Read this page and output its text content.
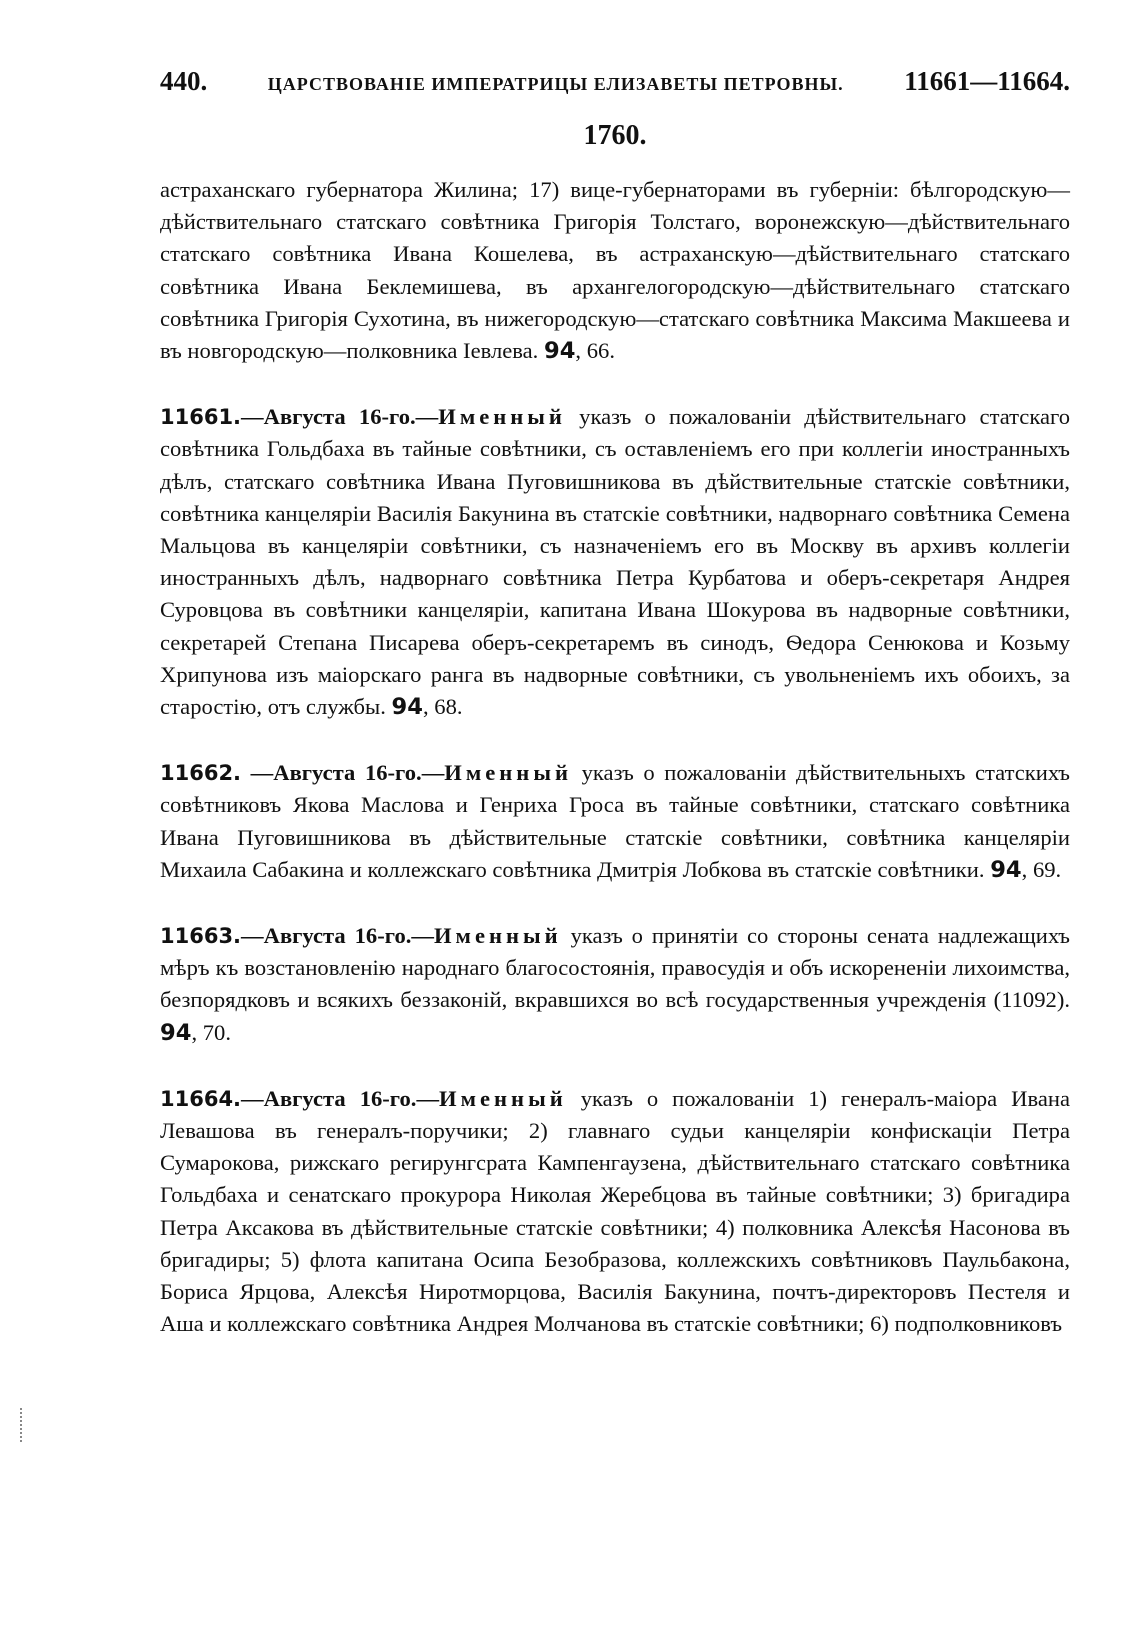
440.	ЦАРСТВОВАНІЕ ИМПЕРАТРИЦЫ ЕЛИЗАВЕТЫ ПЕТРОВНЫ. 11661—11664.
1760.

астраханскаго губернатора Жилина; 17) вице-губернаторами въ губерніи: бѣлгородскую—дѣйствительнаго статскаго совѣтника Григорія Толстаго, воронежскую—дѣйствительнаго статскаго совѣтника Ивана Кошелева, въ астраханскую—дѣйствительнаго статскаго совѣтника Ивана Беклемишева, въ архангелогородскую—дѣйствительнаго статскаго совѣтника Григорія Сухотина, въ нижегородскую—статскаго совѣтника Максима Макшеева и въ новгородскую—полковника Іевлева. 94, 66.

11661.—Августа 16-го.—Именный указъ о пожалованіи дѣйствительнаго статскаго совѣтника Гольдбаха въ тайные совѣтники, съ оставленіемъ его при коллегіи иностранныхъ дѣлъ, статскаго совѣтника Ивана Пуговишникова въ дѣйствительные статскіе совѣтники, совѣтника канцеляріи Василія Бакунина въ статскіе совѣтники, надворнаго совѣтника Семена Мальцова въ канцеляріи совѣтники, съ назначеніемъ его въ Москву въ архивъ коллегіи иностранныхъ дѣлъ, надворнаго совѣтника Петра Курбатова и оберъ-секретаря Андрея Суровцова въ совѣтники канцеляріи, капитана Ивана Шокурова въ надворные совѣтники, секретарей Степана Писарева оберъ-секретаремъ въ синодъ, Ѳедора Сенюкова и Козьму Хрипунова изъ маіорскаго ранга въ надворные совѣтники, съ увольненіемъ ихъ обоихъ, за старостію, отъ службы. 94, 68.

11662. —Августа 16-го.—Именный указъ о пожалованіи дѣйствительныхъ статскихъ совѣтниковъ Якова Маслова и Генриха Гроса въ тайные совѣтники, статскаго совѣтника Ивана Пуговишникова въ дѣйствительные статскіе совѣтники, совѣтника канцеляріи Михаила Сабакина и коллежскаго совѣтника Дмитрія Лобкова въ статскіе совѣтники. 94, 69.

11663.—Августа 16-го.—Именный указъ о принятіи со стороны сената надлежащихъ мѣръ къ возстановленію народнаго благосостоянія, правосудія и объ искорененіи лихоимства, безпорядковъ и всякихъ беззаконій, вкравшихся во всѣ государственныя учрежденія (11092). 94, 70.

11664.—Августа 16-го.—Именный указъ о пожалованіи 1) генералъ-маіора Ивана Левашова въ генералъ-поручики; 2) главнаго судьи канцеляріи конфискаціи Петра Сумарокова, рижскаго регирунгсрата Кампенгаузена, дѣйствительнаго статскаго совѣтника Гольдбаха и сенатскаго прокурора Николая Жеребцова въ тайные совѣтники; 3) бригадира Петра Аксакова въ дѣйствительные статскіе совѣтники; 4) полковника Алексѣя Насонова въ бригадиры; 5) флота капитана Осипа Безобразова, коллежскихъ совѣтниковъ Паульбакона, Бориса Ярцова, Алексѣя Ниротморцова, Василія Бакунина, почтъ-директоровъ Пестеля и Аша и коллежскаго совѣтника Андрея Молчанова въ статскіе совѣтники; 6) подполковниковъ
